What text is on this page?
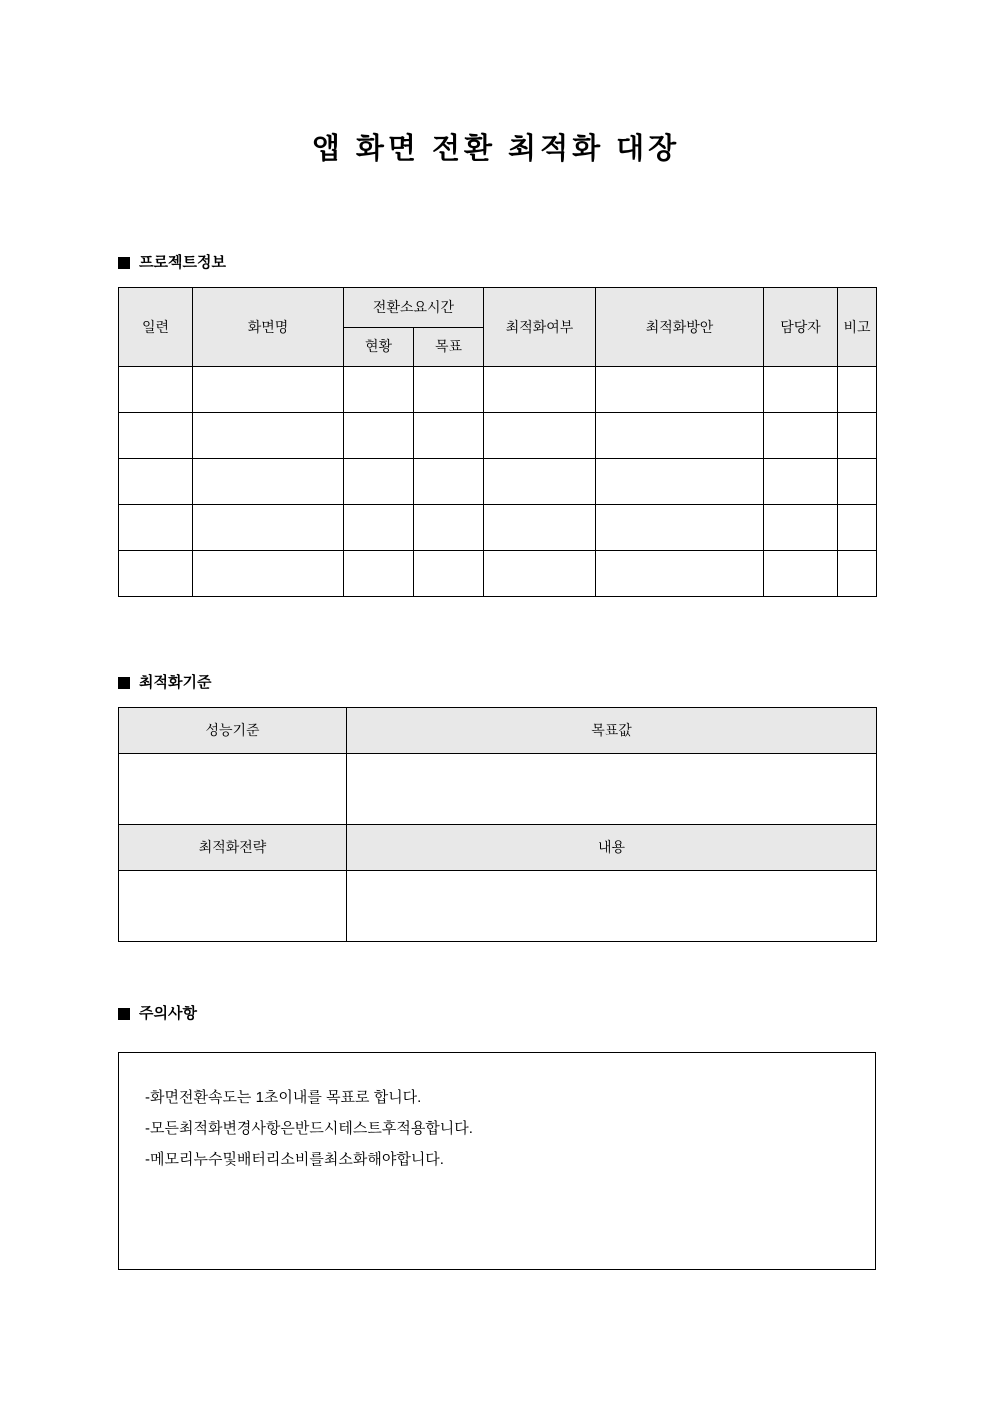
앱 화면 전환 최적화 대장
프로젝트정보
일련	화면명	전환소요시간		최적화여부	최적화방안	담당자	비고

		현황	목표				

최적화기준
성능기준	목표값

최적화전략	내용

주의사항
-화면전환속도는 1초이내를 목표로 합니다.
-모든최적화변경사항은반드시테스트후적용합니다.
-메모리누수및배터리소비를최소화해야합니다.
